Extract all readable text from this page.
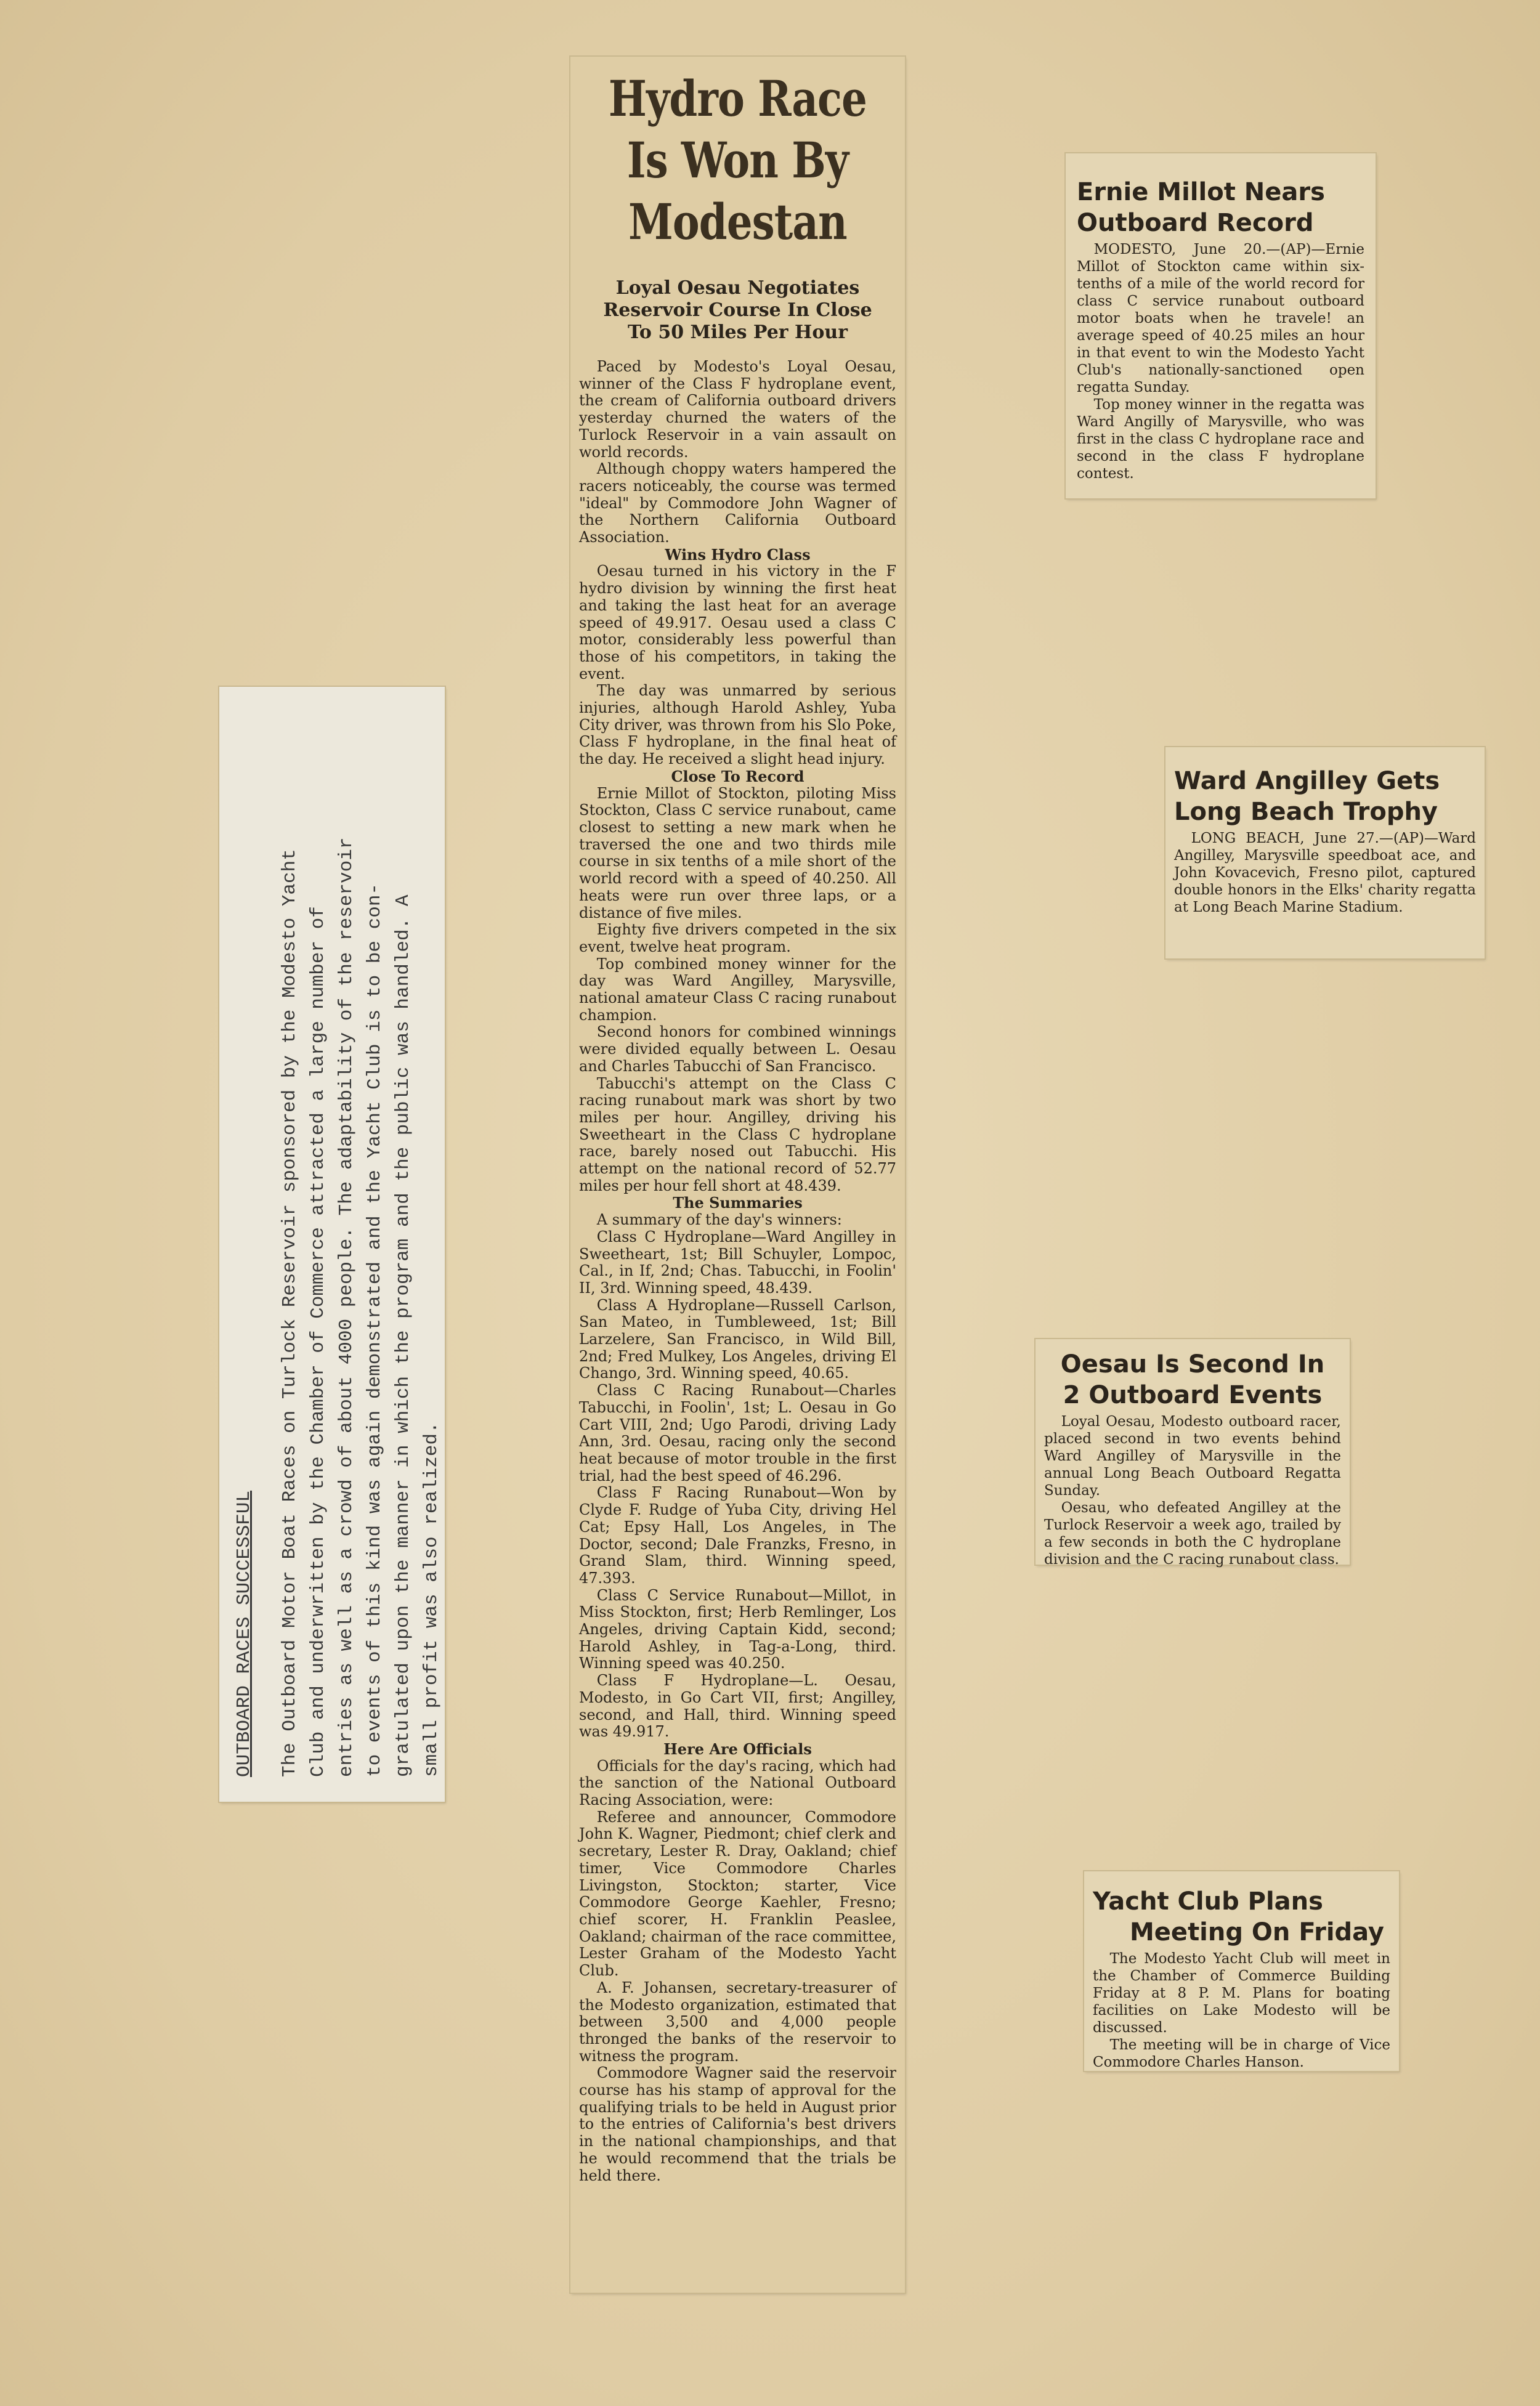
OUTBOARD RACES SUCCESSFUL The Outboard Motor Boat Races on Turlock Reservoir sponsored by the Modesto Yacht Club and underwritten by the Chamber of Commerce attracted a large number of entries as well as a crowd of about 4000 people. The adaptability of the reservoir to events of this kind was again demonstrated and the Yacht Club is to be con- gratulated upon the manner in which the program and the public was handled. A small profit was also realized.
Hydro Race
Is Won By
Modestan
Loyal Oesau Negotiates Reservoir Course In Close To 50 Miles Per Hour

Paced by Modesto's Loyal Oesau, winner of the Class F hydroplane event, the cream of California outboard drivers yesterday churned the waters of the Turlock Reservoir in a vain assault on world records.

Although choppy waters hampered the racers noticeably, the course was termed "ideal" by Commodore John Wagner of the Northern California Outboard Association.

Wins Hydro Class

Oesau turned in his victory in the F hydro division by winning the first heat and taking the last heat for an average speed of 49.917. Oesau used a class C motor, considerably less powerful than those of his competitors, in taking the event.

The day was unmarred by serious injuries, although Harold Ashley, Yuba City driver, was thrown from his Slo Poke, Class F hydroplane, in the final heat of the day. He received a slight head injury.

Close To Record

Ernie Millot of Stockton, piloting Miss Stockton, Class C service runabout, came closest to setting a new mark when he traversed the one and two thirds mile course in six tenths of a mile short of the world record with a speed of 40.250. All heats were run over three laps, or a distance of five miles.

Eighty five drivers competed in the six event, twelve heat program.

Top combined money winner for the day was Ward Angilley, Marysville, national amateur Class C racing runabout champion.

Second honors for combined winnings were divided equally between L. Oesau and Charles Tabucchi of San Francisco.

Tabucchi's attempt on the Class C racing runabout mark was short by two miles per hour. Angilley, driving his Sweetheart in the Class C hydroplane race, barely nosed out Tabucchi. His attempt on the national record of 52.77 miles per hour fell short at 48.439.

The Summaries

A summary of the day's winners:

Class C Hydroplane—Ward Angilley in Sweetheart, 1st; Bill Schuyler, Lompoc, Cal., in If, 2nd; Chas. Tabucchi, in Foolin' II, 3rd. Winning speed, 48.439.

Class A Hydroplane—Russell Carlson, San Mateo, in Tumbleweed, 1st; Bill Larzelere, San Francisco, in Wild Bill, 2nd; Fred Mulkey, Los Angeles, driving El Chango, 3rd. Winning speed, 40.65.

Class C Racing Runabout—Charles Tabucchi, in Foolin', 1st; L. Oesau in Go Cart VIII, 2nd; Ugo Parodi, driving Lady Ann, 3rd. Oesau, racing only the second heat because of motor trouble in the first trial, had the best speed of 46.296.

Class F Racing Runabout—Won by Clyde F. Rudge of Yuba City, driving Hel Cat; Epsy Hall, Los Angeles, in The Doctor, second; Dale Franzks, Fresno, in Grand Slam, third. Winning speed, 47.393.

Class C Service Runabout—Millot, in Miss Stockton, first; Herb Remlinger, Los Angeles, driving Captain Kidd, second; Harold Ashley, in Tag-a-Long, third. Winning speed was 40.250.

Class F Hydroplane—L. Oesau, Modesto, in Go Cart VII, first; Angilley, second, and Hall, third. Winning speed was 49.917.

Here Are Officials

Officials for the day's racing, which had the sanction of the National Outboard Racing Association, were:

Referee and announcer, Commodore John K. Wagner, Piedmont; chief clerk and secretary, Lester R. Dray, Oakland; chief timer, Vice Commodore Charles Livingston, Stockton; starter, Vice Commodore George Kaehler, Fresno; chief scorer, H. Franklin Peaslee, Oakland; chairman of the race committee, Lester Graham of the Modesto Yacht Club.

A. F. Johansen, secretary-treasurer of the Modesto organization, estimated that between 3,500 and 4,000 people thronged the banks of the reservoir to witness the program.

Commodore Wagner said the reservoir course has his stamp of approval for the qualifying trials to be held in August prior to the entries of California's best drivers in the national championships, and that he would recommend that the trials be held there.

Ernie Millot Nears Outboard Record

MODESTO, June 20.—(AP)—Ernie Millot of Stockton came within six-tenths of a mile of the world record for class C service runabout outboard motor boats when he travele! an average speed of 40.25 miles an hour in that event to win the Modesto Yacht Club's nationally-sanctioned open regatta Sunday.

Top money winner in the regatta was Ward Angilly of Marysville, who was first in the class C hydroplane race and second in the class F hydroplane contest.

Ward Angilley Gets Long Beach Trophy

LONG BEACH, June 27.—(AP)—Ward Angilley, Marysville speedboat ace, and John Kovacevich, Fresno pilot, captured double honors in the Elks' charity regatta at Long Beach Marine Stadium.

Oesau Is Second In
2 Outboard Events

Loyal Oesau, Modesto outboard racer, placed second in two events behind Ward Angilley of Marysville in the annual Long Beach Outboard Regatta Sunday.

Oesau, who defeated Angilley at the Turlock Reservoir a week ago, trailed by a few seconds in both the C hydroplane division and the C racing runabout class.

Yacht Club Plans
Meeting On Friday

The Modesto Yacht Club will meet in the Chamber of Commerce Building Friday at 8 P. M. Plans for boating facilities on Lake Modesto will be discussed.

The meeting will be in charge of Vice Commodore Charles Hanson.
